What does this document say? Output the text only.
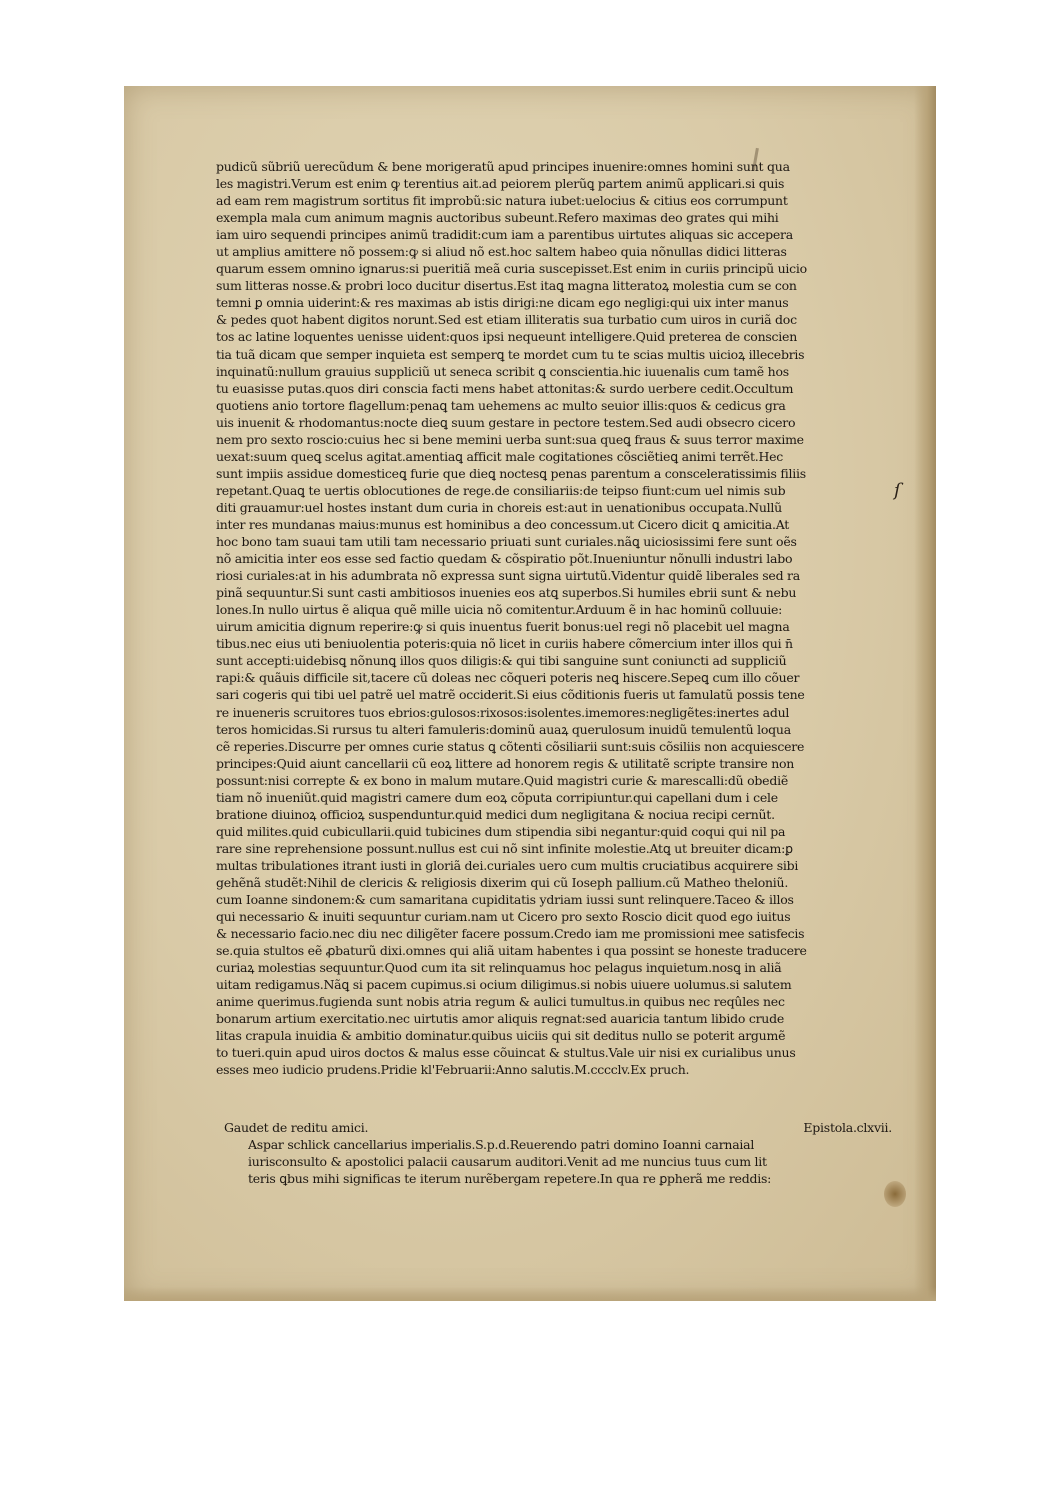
pudicũ sũbriũ uerecũdum & bene morigeratũ apud principes inuenire:omnes homini sunt qua
les magistri.Verum est enim ꝙ terentius ait.ad peiorem plerũꝗ partem animũ applicari.si quis
ad eam rem magistrum sortitus fit improbũ:sic natura iubet:uelocius & citius eos corrumpunt
exempla mala cum animum magnis auctoribus subeunt.Refero maximas deo grates qui mihi
iam uiro sequendi principes animũ tradidit:cum iam a parentibus uirtutes aliquas sic accepera
ut amplius amittere nõ possem:ꝙ si aliud nõ est.hoc saltem habeo quia nõnullas didici litteras
quarum essem omnino ignarus:si pueritiã meã curia suscepisset.Est enim in curiis principũ uicio
sum litteras nosse.& probri loco ducitur disertus.Est itaꝗ magna litteratoꝝ molestia cum se con
temni ꝑ omnia uiderint:& res maximas ab istis dirigi:ne dicam ego negligi:qui uix inter manus
& pedes quot habent digitos norunt.Sed est etiam illiteratis sua turbatio cum uiros in curiã doc
tos ac latine loquentes uenisse uident:quos ipsi nequeunt intelligere.Quid preterea de conscien
tia tuã dicam que semper inquieta est semperꝗ te mordet cum tu te scias multis uicioꝝ illecebris
inquinatũ:nullum grauius suppliciũ ut seneca scribit ꝗ conscientia.hic iuuenalis cum tamẽ hos
tu euasisse putas.quos diri conscia facti mens habet attonitas:& surdo uerbere cedit.Occultum
quotiens anio tortore flagellum:penaꝗ tam uehemens ac multo seuior illis:quos & cedicus gra
uis inuenit & rhodomantus:nocte dieꝗ suum gestare in pectore testem.Sed audi obsecro cicero
nem pro sexto roscio:cuius hec si bene memini uerba sunt:sua queꝗ fraus & suus terror maxime
uexat:suum queꝗ scelus agitat.amentiaꝗ afficit male cogitationes cõsciẽtieꝗ animi terrẽt.Hec
sunt impiis assidue domesticeꝗ furie que dieꝗ noctesꝗ penas parentum a consceleratissimis filiis
repetant.Quaꝗ te uertis oblocutiones de rege.de consiliariis:de teipso fiunt:cum uel nimis sub
diti grauamur:uel hostes instant dum curia in choreis est:aut in uenationibus occupata.Nullũ
inter res mundanas maius:munus est hominibus a deo concessum.ut Cicero dicit ꝗ amicitia.At
hoc bono tam suaui tam utili tam necessario priuati sunt curiales.nãꝗ uiciosissimi fere sunt oẽs
nõ amicitia inter eos esse sed factio quedam & cõspiratio põt.Inueniuntur nõnulli industri labo
riosi curiales:at in his adumbrata nõ expressa sunt signa uirtutũ.Videntur quidẽ liberales sed ra
pinã sequuntur.Si sunt casti ambitiosos inuenies eos atꝗ superbos.Si humiles ebrii sunt & nebu
lones.In nullo uirtus ẽ aliqua quẽ mille uicia nõ comitentur.Arduum ẽ in hac hominũ colluuie:
uirum amicitia dignum reperire:ꝙ si quis inuentus fuerit bonus:uel regi nõ placebit uel magna
tibus.nec eius uti beniuolentia poteris:quia nõ licet in curiis habere cõmercium inter illos qui n̄
sunt accepti:uidebisꝗ nõnunꝗ illos quos diligis:& qui tibi sanguine sunt coniuncti ad suppliciũ
rapi:& quãuis difficile sit,tacere cũ doleas nec cõqueri poteris neꝗ hiscere.Sepeꝗ cum illo cõuer
sari cogeris qui tibi uel patrẽ uel matrẽ occiderit.Si eius cõditionis fueris ut famulatũ possis tene
re inueneris scruitores tuos ebrios:gulosos:rixosos:isolentes.imemores:negligẽtes:inertes adul
teros homicidas.Si rursus tu alteri famuleris:dominũ auaꝝ querulosum inuidũ temulentũ loqua
cẽ reperies.Discurre per omnes curie status ꝗ cõtenti cõsiliarii sunt:suis cõsiliis non acquiescere
principes:Quid aiunt cancellarii cũ eoꝝ littere ad honorem regis & utilitatẽ scripte transire non
possunt:nisi correpte & ex bono in malum mutare.Quid magistri curie & marescalli:dũ obediẽ
tiam nõ inueniũt.quid magistri camere dum eoꝝ cõputa corripiuntur.qui capellani dum i cele
bratione diuinoꝝ officioꝝ suspenduntur.quid medici dum negligitana & nociua recipi cernũt.
quid milites.quid cubicullarii.quid tubicines dum stipendia sibi negantur:quid coqui qui nil pa
rare sine reprehensione possunt.nullus est cui nõ sint infinite molestie.Atꝗ ut breuiter dicam:ꝑ
multas tribulationes itrant iusti in gloriã dei.curiales uero cum multis cruciatibus acquirere sibi
gehẽnã studẽt:Nihil de clericis & religiosis dixerim qui cũ Ioseph pallium.cũ Matheo theloniũ.
cum Ioanne sindonem:& cum samaritana cupiditatis ydriam iussi sunt relinquere.Taceo & illos
qui necessario & inuiti sequuntur curiam.nam ut Cicero pro sexto Roscio dicit quod ego iuitus
& necessario facio.nec diu nec diligẽter facere possum.Credo iam me promissioni mee satisfecis
se.quia stultos eẽ ꝓbaturũ dixi.omnes qui aliã uitam habentes i qua possint se honeste traducere
curiaꝝ molestias sequuntur.Quod cum ita sit relinquamus hoc pelagus inquietum.nosꝗ in aliã
uitam redigamus.Nãꝗ si pacem cupimus.si ocium diligimus.si nobis uiuere uolumus.si salutem
anime querimus.fugienda sunt nobis atria regum & aulici tumultus.in quibus nec reqûles nec
bonarum artium exercitatio.nec uirtutis amor aliquis regnat:sed auaricia tantum libido crude
litas crapula inuidia & ambitio dominatur.quibus uiciis qui sit deditus nullo se poterit argumẽ
to tueri.quin apud uiros doctos & malus esse cõuincat & stultus.Vale uir nisi ex curialibus unus
esses meo iudicio prudens.Pridie kl'Februarii:Anno salutis.M.cccclv.Ex pruch.
ſ
Gaudet de reditu amici.	Epistola.clxvii.
Aspar schlick cancellarius imperialis.S.p.d.Reuerendo patri domino Ioanni carnaial
iurisconsulto & apostolici palacii causarum auditori.Venit ad me nuncius tuus cum lit
teris ꝗbus mihi significas te iterum nurẽbergam repetere.In qua re ꝑpherã me reddis:
